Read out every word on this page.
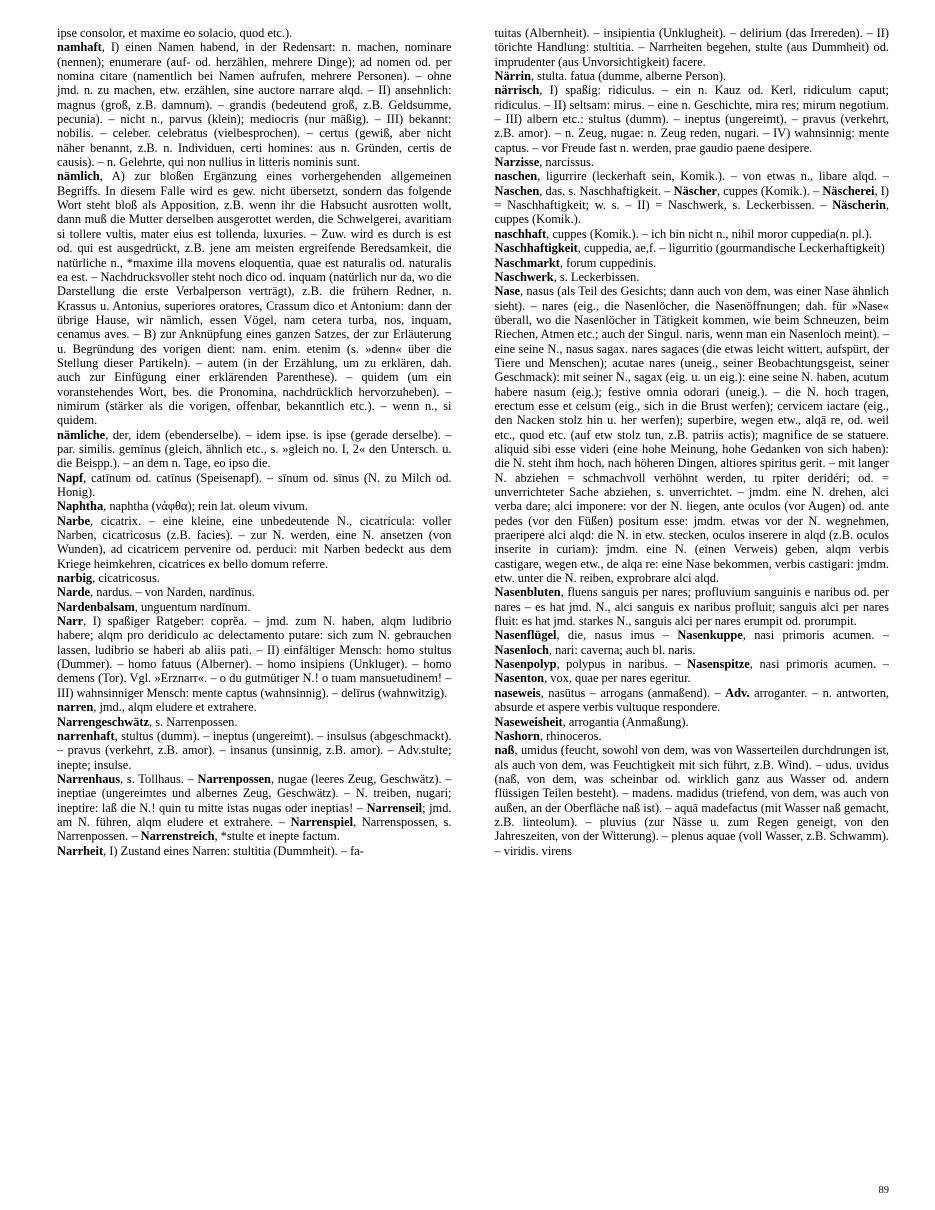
ipse consolor, et maxime eo solacio, quod etc.).

namhaft, I) einen Namen habend, in der Redensart: n. machen, nominare (nennen); enumerare (auf- od. herzählen, mehrere Dinge); ad nomen od. per nomina citare (namentlich bei Namen aufrufen, mehrere Personen). – ohne jmd. n. zu machen, etw. erzählen, sine auctore narrare alqd. – II) ansehnlich: magnus (groß, z.B. damnum). – grandis (bedeutend groß, z.B. Geldsumme, pecunia). – nicht n., parvus (klein); mediocris (nur mäßig). – III) bekannt: nobilis. – celeber. celebratus (vielbesprochen). – certus (gewiß, aber nicht näher benannt, z.B. n. Individuen, certi homines: aus n. Gründen, certis de causis). – n. Gelehrte, qui non nullius in litteris nominis sunt.

nämlich, A) zur bloßen Ergänzung eines vorhergehenden allgemeinen Begriffs. In diesem Falle wird es gew. nicht übersetzt, sondern das folgende Wort steht bloß als Apposition, z.B. wenn ihr die Habsucht ausrotten wollt, dann muß die Mutter derselben ausgerottet werden, die Schwelgerei, avaritiam si tollere vultis, mater eius est tollenda, luxuries. – Zuw. wird es durch is est od. qui est ausgedrückt, z.B. jene am meisten ergreifende Beredsamkeit, die natürliche n., *maxime illa movens eloquentia, quae est naturalis od. naturalis ea est. – Nachdrucksvoller steht noch dico od. inquam (natürlich nur da, wo die Darstellung die erste Verbalperson verträgt), z.B. die frühern Redner, n. Krassus u. Antonius, superiores oratores, Crassum dico et Antonium: dann der übrige Hause, wir nämlich, essen Vögel, nam cetera turba, nos, inquam, cenamus aves. – B) zur Anknüpfung eines ganzen Satzes, der zur Erläuterung u. Begründung des vorigen dient: nam. enim. etenim (s. »denn« über die Stellung dieser Partikeln). – autem (in der Erzählung, um zu erklären, dah. auch zur Einfügung einer erklärenden Parenthese). – quidem (um ein voranstehendes Wort, bes. die Pronomina, nachdrücklich hervorzuheben). – nimirum (stärker als die vorigen, offenbar, bekanntlich etc.). – wenn n., si quidem.

nämliche, der, idem (ebenderselbe). – idem ipse. is ipse (gerade derselbe). – par. similis. gemīnus (gleich, ähnlich etc., s. »gleich no. I, 2« den Untersch. u. die Beispp.). – an dem n. Tage, eo ipso die.

Napf, catīnum od. catīnus (Speisenapf). – sīnum od. sīnus (N. zu Milch od. Honig).

Naphtha, naphtha (νάφθα); rein lat. oleum vivum.

Narbe, cicatrix. – eine kleine, eine unbedeutende N., cicatricula: voller Narben, cicatricosus (z.B. facies). – zur N. werden, eine N. ansetzen (von Wunden), ad cicatricem pervenire od. perduci: mit Narben bedeckt aus dem Kriege heimkehren, cicatrices ex bello domum referre.

narbig, cicatricosus.

Narde, nardus. – von Narden, nardīnus.

Nardenbalsam, unguentum nardīnum.

Narr, I) spaßiger Ratgeber: coprĕa. – jmd. zum N. haben, alqm ludibrio habere; alqm pro deridiculo ac delectamento putare: sich zum N. gebrauchen lassen, ludibrio se haberi ab aliis pati. – II) einfältiger Mensch: homo stultus (Dummer). – homo fatuus (Alberner). – homo insipiens (Unkluger). – homo demens (Tor). Vgl. »Erznarr«. – o du gutmütiger N.! o tuam mansuetudinem! – III) wahnsinniger Mensch: mente captus (wahnsinnig). – delīrus (wahnwitzig).

narren, jmd., alqm eludere et extrahere.

Narrengeschwätz, s. Narrenpossen.

narrenhaft, stultus (dumm). – ineptus (ungereimt). – insulsus (abgeschmackt). – pravus (verkehrt, z.B. amor). – insanus (unsinnig, z.B. amor). – Adv.stulte; inepte; insulse.

Narrenhaus, s. Tollhaus. – Narrenpossen, nugae (leeres Zeug, Geschwätz). – ineptiae (ungereimtes und albernes Zeug, Geschwätz). – N. treiben, nugari; ineptire: laß die N.! quin tu mitte istas nugas oder ineptias! – Narrenseil; jmd. am N. führen, alqm eludere et extrahere. – Narrenspiel, Narrenspossen, s. Narrenpossen. – Narrenstreich, *stulte et inepte factum.

Narrheit, I) Zustand eines Narren: stultitia (Dummheit). – fa-

tuitas (Albernheit). – insipientia (Unklugheit). – delirium (das Irrereden). – II) törichte Handlung: stultitia. – Narrheiten begehen, stulte (aus Dummheit) od. imprudenter (aus Unvorsichtigkeit) facere.

Närrin, stulta. fatua (dumme, alberne Person).

närrisch, I) spaßig: ridiculus. – ein n. Kauz od. Kerl, ridiculum caput; ridiculus. – II) seltsam: mirus. – eine n. Geschichte, mira res; mirum negotium. – III) albern etc.: stultus (dumm). – ineptus (ungereimt). – pravus (verkehrt, z.B. amor). – n. Zeug, nugae: n. Zeug reden, nugari. – IV) wahnsinnig: mente captus. – vor Freude fast n. werden, prae gaudio paene desipere.

Narzisse, narcissus.

naschen, ligurrire (leckerhaft sein, Komik.). – von etwas n., libare alqd. – Naschen, das, s. Naschhaftigkeit. – Näscher, cuppes (Komik.). – Näscherei, I) = Naschhaftigkeit; w. s. – II) = Naschwerk, s. Leckerbissen. – Näscherin, cuppes (Komik.).

naschhaft, cuppes (Komik.). – ich bin nicht n., nihil moror cuppedia(n. pl.).

Naschhaftigkeit, cuppedia, ae,f. – ligurritio (gourmandische Leckerhaftigkeit)

Naschmarkt, forum cuppedinis.

Naschwerk, s. Leckerbissen.

Nase, nasus (als Teil des Gesichts; dann auch von dem, was einer Nase ähnlich sieht). – nares (eig., die Nasenlöcher, die Nasenöffnungen; dah. für »Nase« überall, wo die Nasenlöcher in Tätigkeit kommen, wie beim Schneuzen, beim Riechen, Atmen etc.; auch der Singul. naris, wenn man ein Nasenloch meint). – eine seine N., nasus sagax. nares sagaces (die etwas leicht wittert, aufspürt, der Tiere und Menschen); acutae nares (uneig., seiner Beobachtungsgeist, seiner Geschmack): mit seiner N., sagax (eig. u. un eig.): eine seine N. haben, acutum habere nasum (eig.); festive omnia odorari (uneig.). – die N. hoch tragen, erectum esse et celsum (eig., sich in die Brust werfen); cervicem iactare (eig., den Nacken stolz hin u. her werfen); superbire, wegen etw., alqā re, od. weil etc., quod etc. (auf etw stolz tun, z.B. patriis actis); magnifice de se statuere. aliquid sibi esse videri (eine hohe Meinung, hohe Gedanken von sich haben): die N. steht ihm hoch, nach höheren Dingen, altiores spiritus gerit. – mit langer N. abziehen = schmachvoll verhöhnt werden, tu rpiter deridéri; od. = unverrichteter Sache abziehen, s. unverrichtet. – jmdm. eine N. drehen, alci verba dare; alci imponere: vor der N. liegen, ante oculos (vor Augen) od. ante pedes (vor den Füßen) positum esse: jmdm. etwas vor der N. wegnehmen, praeripere alci alqd: die N. in etw. stecken, oculos inserere in alqd (z.B. oculos inserite in curiam): jmdm. eine N. (einen Verweis) geben, alqm verbis castigare, wegen etw., de alqa re: eine Nase bekommen, verbis castigari: jmdm. etw. unter die N. reiben, exprobrare alci alqd.

Nasenbluten, fluens sanguis per nares; profluvium sanguinis e naribus od. per nares – es hat jmd. N., alci sanguis ex naribus profluit; sanguis alci per nares fluit: es hat jmd. starkes N., sanguis alci per nares erumpit od. prorumpit.

Nasenflügel, die, nasus imus – Nasenkuppe, nasi primoris acumen. – Nasenloch, nari: caverna; auch bl. naris.

Nasenpolyp, polypus in naribus. – Nasenspitze, nasi primoris acumen. – Nasenton, vox, quae per nares egeritur.

naseweis, nasūtus – arrogans (anmaßend). – Adv. arroganter. – n. antworten, absurde et aspere verbis vultuque respondere.

Naseweisheit, arrogantia (Anmaßung).

Nashorn, rhinoceros.

naß, umidus (feucht, sowohl von dem, was von Wasserteilen durchdrungen ist, als auch von dem, was Feuchtigkeit mit sich führt, z.B. Wind). – udus. uvidus (naß, von dem, was scheinbar od. wirklich ganz aus Wasser od. andern flüssigen Teilen besteht). – madens. madidus (triefend, von dem, was auch von außen, an der Oberfläche naß ist). – aquā madefactus (mit Wasser naß gemacht, z.B. linteolum). – pluvius (zur Nässe u. zum Regen geneigt, von den Jahreszeiten, von der Witterung). – plenus aquae (voll Wasser, z.B. Schwamm). – viridis. virens

89
